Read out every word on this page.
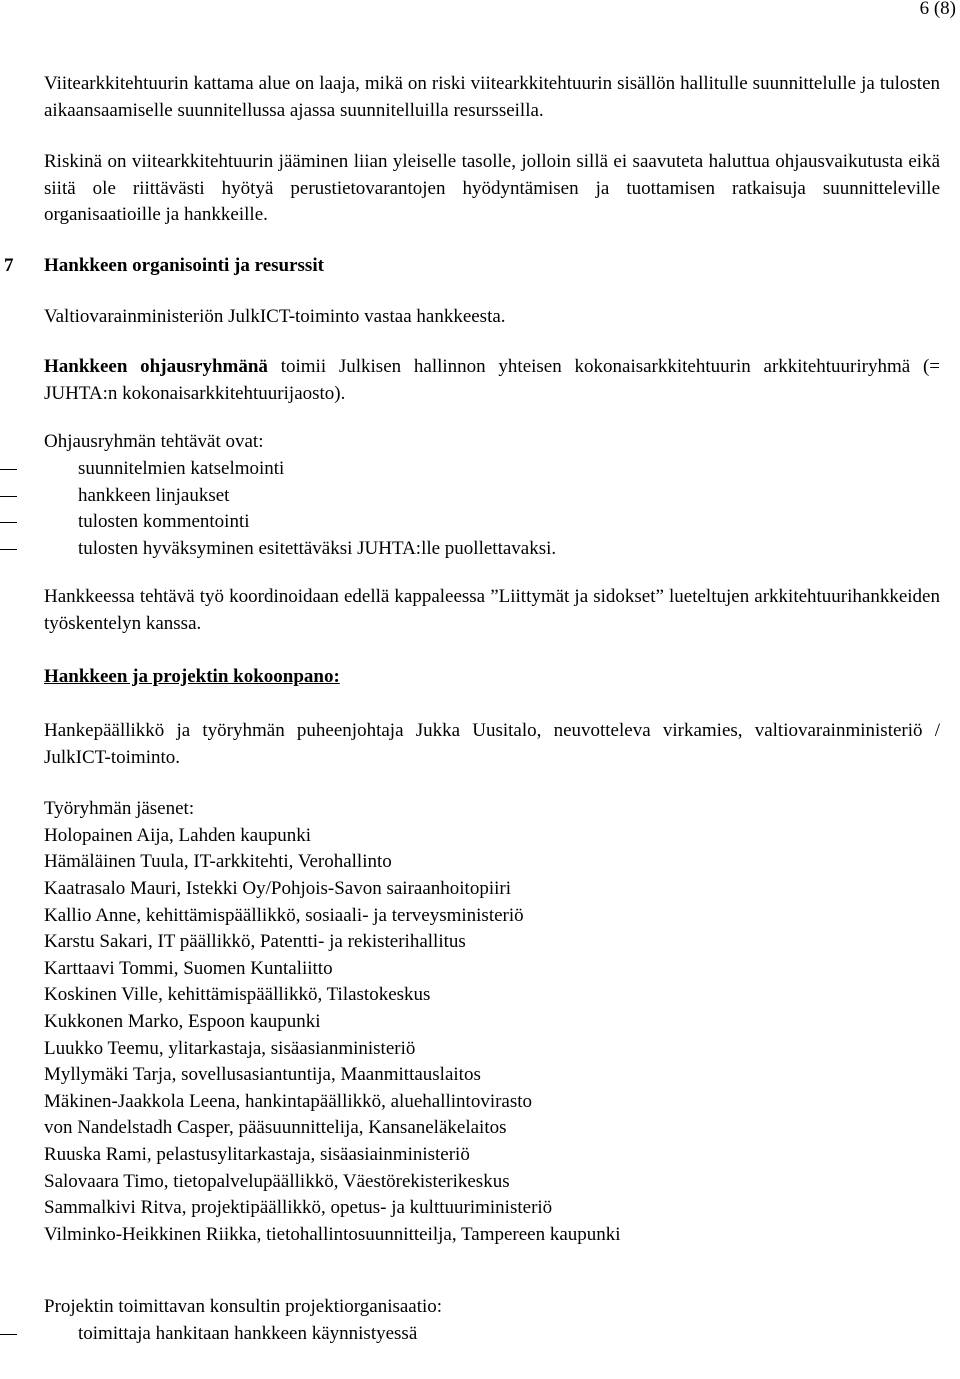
6 (8)

Viitearkkitehtuurin kattama alue on laaja, mikä on riski viitearkkitehtuurin sisällön hallitulle suunnittelulle ja tulosten aikaansaamiselle suunnitellussa ajassa suunnitelluilla resursseilla.

Riskinä on viitearkkitehtuurin jääminen liian yleiselle tasolle, jolloin sillä ei saavuteta haluttua ohjausvaikutusta eikä siitä ole riittävästi hyötyä perustietovarantojen hyödyntämisen ja tuottamisen ratkaisuja suunnitteleville organisaatioille ja hankkeille.

7 Hankkeen organisointi ja resurssit

Valtiovarainministeriön JulkICT-toiminto vastaa hankkeesta.

Hankkeen ohjausryhmänä toimii Julkisen hallinnon yhteisen kokonaisarkkitehtuurin arkkitehtuuriryhmä (= JUHTA:n kokonaisarkkitehtuurijaosto).

Ohjausryhmän tehtävät ovat:

suunnitelmien katselmointi
hankkeen linjaukset
tulosten kommentointi
tulosten hyväksyminen esitettäväksi JUHTA:lle puollettavaksi.

Hankkeessa tehtävä työ koordinoidaan edellä kappaleessa ”Liittymät ja sidokset” lueteltujen arkkitehtuurihankkeiden työskentelyn kanssa.

Hankkeen ja projektin kokoonpano:

Hankepäällikkö ja työryhmän puheenjohtaja Jukka Uusitalo, neuvotteleva virkamies, valtiovarainministeriö / JulkICT-toiminto.

Työryhmän jäsenet:

Holopainen Aija, Lahden kaupunki
Hämäläinen Tuula, IT-arkkitehti, Verohallinto
Kaatrasalo Mauri, Istekki Oy/Pohjois-Savon sairaanhoitopiiri
Kallio Anne, kehittämispäällikkö, sosiaali- ja terveysministeriö
Karstu Sakari, IT päällikkö, Patentti- ja rekisterihallitus
Karttaavi Tommi, Suomen Kuntaliitto
Koskinen Ville, kehittämispäällikkö, Tilastokeskus
Kukkonen Marko, Espoon kaupunki
Luukko Teemu, ylitarkastaja, sisäasianministeriö
Myllymäki Tarja, sovellusasiantuntija, Maanmittauslaitos
Mäkinen-Jaakkola Leena, hankintapäällikkö, aluehallintovirasto
von Nandelstadh Casper, pääsuunnittelija, Kansaneläkelaitos
Ruuska Rami, pelastusylitarkastaja, sisäasiainministeriö
Salovaara Timo, tietopalvelupäällikkö, Väestörekisterikeskus
Sammalkivi Ritva, projektipäällikkö, opetus- ja kulttuuriministeriö
Vilminko-Heikkinen Riikka, tietohallintosuunnitteilja, Tampereen kaupunki

Projektin toimittavan konsultin projektiorganisaatio:

toimittaja hankitaan hankkeen käynnistyessä
